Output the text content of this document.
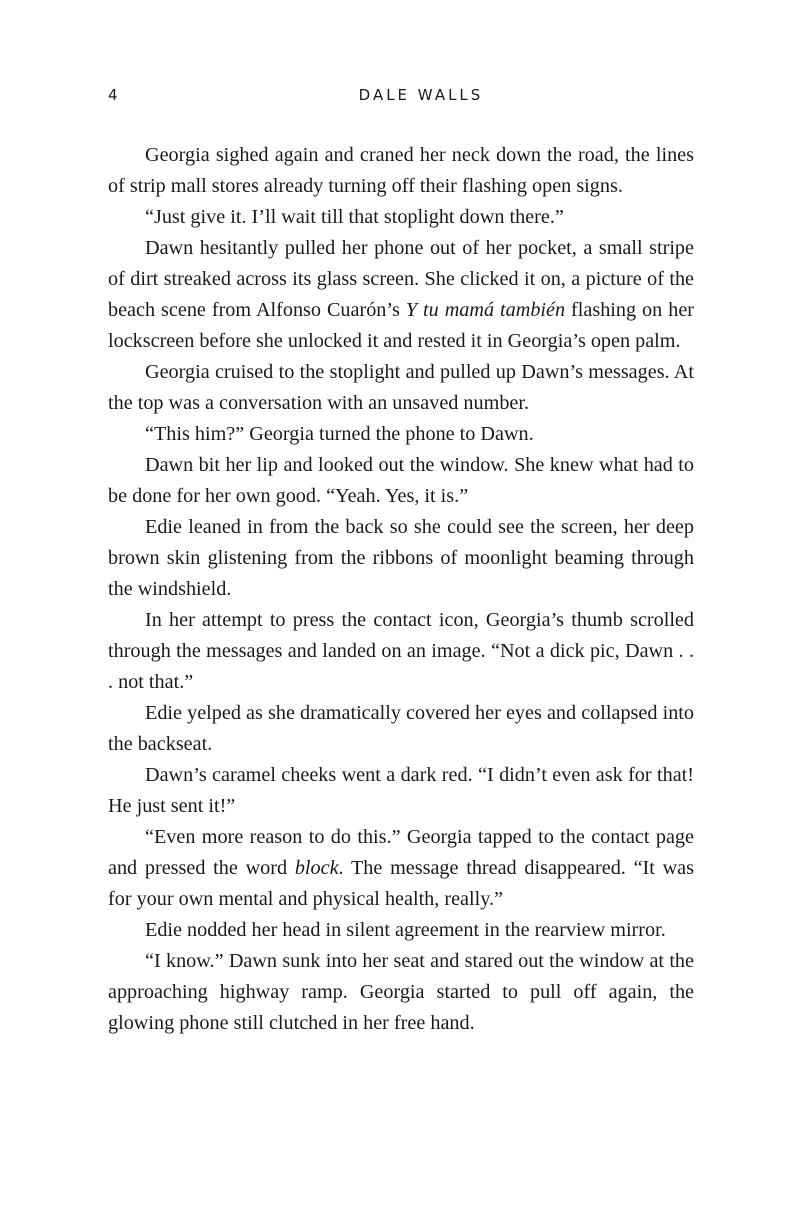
4	DALE WALLS

Georgia sighed again and craned her neck down the road, the lines of strip mall stores already turning off their flashing open signs.

“Just give it. I’ll wait till that stoplight down there.”

Dawn hesitantly pulled her phone out of her pocket, a small stripe of dirt streaked across its glass screen. She clicked it on, a picture of the beach scene from Alfonso Cuarón’s Y tu mamá también flashing on her lockscreen before she unlocked it and rested it in Georgia’s open palm.

Georgia cruised to the stoplight and pulled up Dawn’s messages. At the top was a conversation with an unsaved number.

“This him?” Georgia turned the phone to Dawn.

Dawn bit her lip and looked out the window. She knew what had to be done for her own good. “Yeah. Yes, it is.”

Edie leaned in from the back so she could see the screen, her deep brown skin glistening from the ribbons of moonlight beaming through the windshield.

In her attempt to press the contact icon, Georgia’s thumb scrolled through the messages and landed on an image. “Not a dick pic, Dawn . . . not that.”

Edie yelped as she dramatically covered her eyes and collapsed into the backseat.

Dawn’s caramel cheeks went a dark red. “I didn’t even ask for that! He just sent it!”

“Even more reason to do this.” Georgia tapped to the contact page and pressed the word block. The message thread disappeared. “It was for your own mental and physical health, really.”

Edie nodded her head in silent agreement in the rearview mirror.

“I know.” Dawn sunk into her seat and stared out the window at the approaching highway ramp. Georgia started to pull off again, the glowing phone still clutched in her free hand.
